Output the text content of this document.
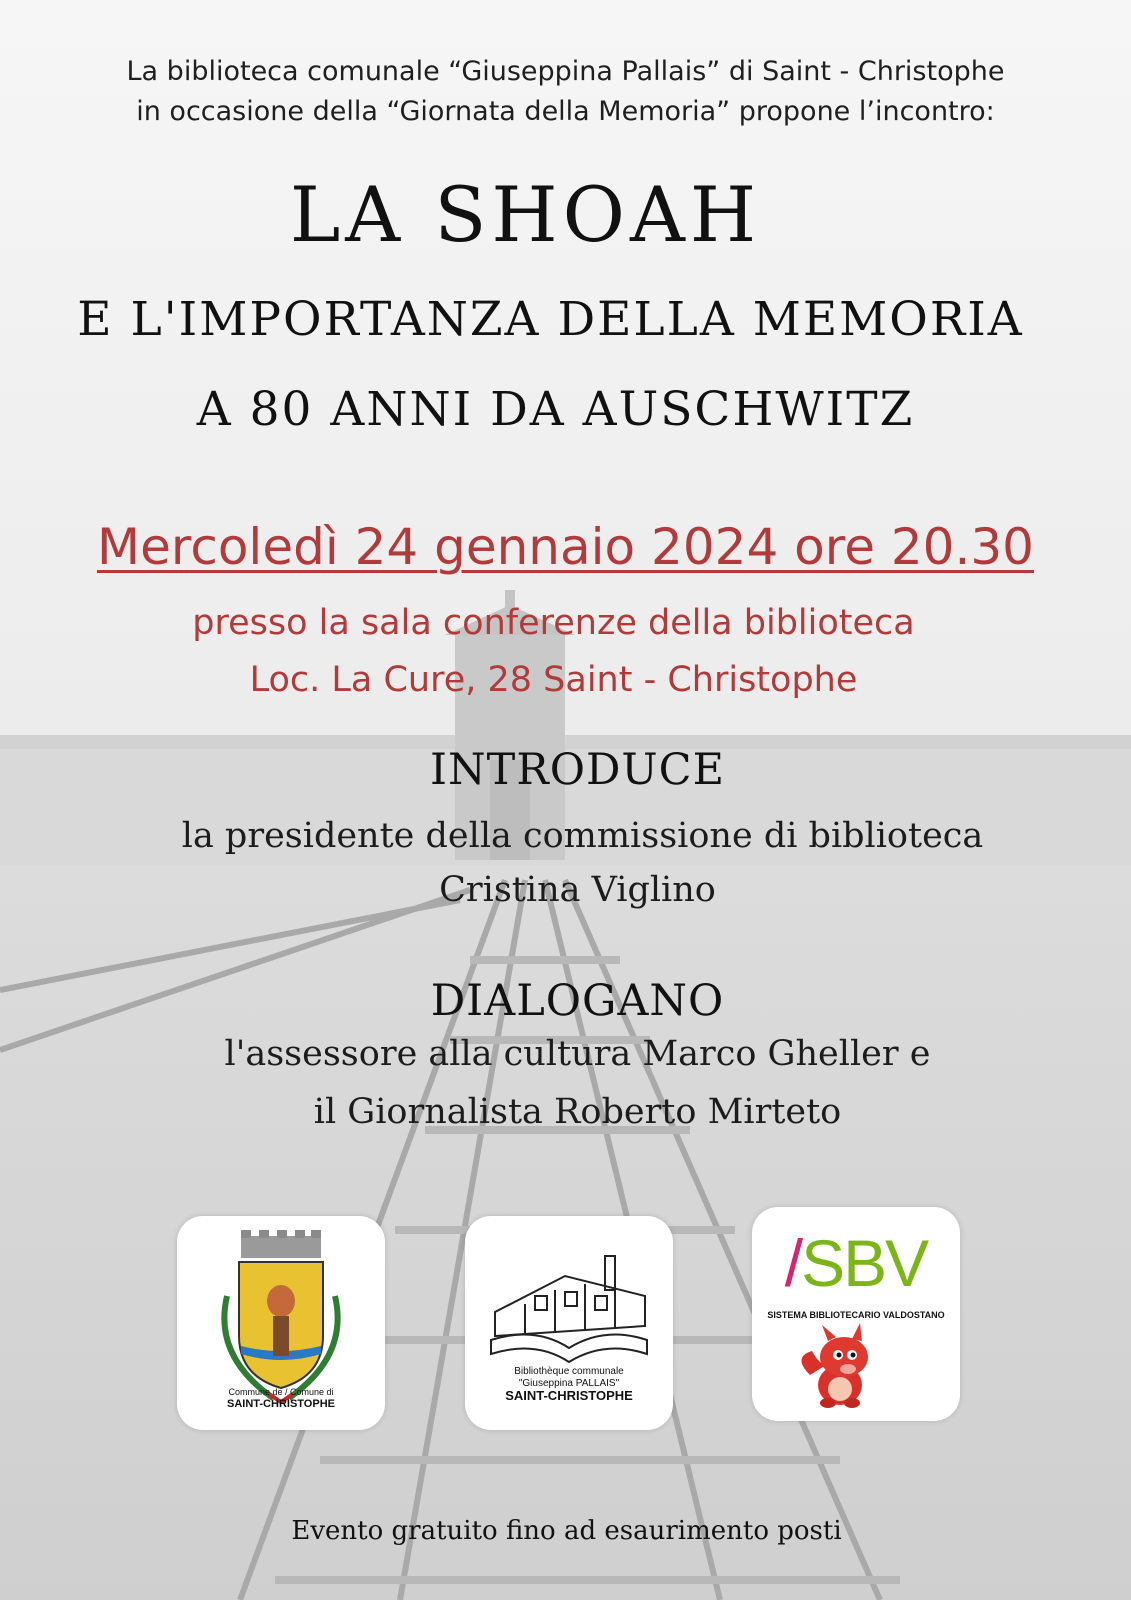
La biblioteca comunale “Giuseppina Pallais” di Saint - Christophe
in occasione della “Giornata della Memoria” propone l’incontro:
LA SHOAH
E L'IMPORTANZA DELLA MEMORIA
A 80 ANNI DA AUSCHWITZ
Mercoledì 24 gennaio 2024 ore 20.30
presso la sala conferenze della biblioteca
Loc. La Cure, 28 Saint - Christophe
INTRODUCE
la presidente della commissione di biblioteca
Cristina Viglino
DIALOGANO
l'assessore alla cultura Marco Gheller e
il Giornalista Roberto Mirteto
Commune de / Comune di
SAINT-CHRISTOPHE
Bibliothèque communale
"Giuseppina PALLAIS"
SAINT-CHRISTOPHE
/SBV
SISTEMA BIBLIOTECARIO VALDOSTANO
Evento gratuito fino ad esaurimento posti
